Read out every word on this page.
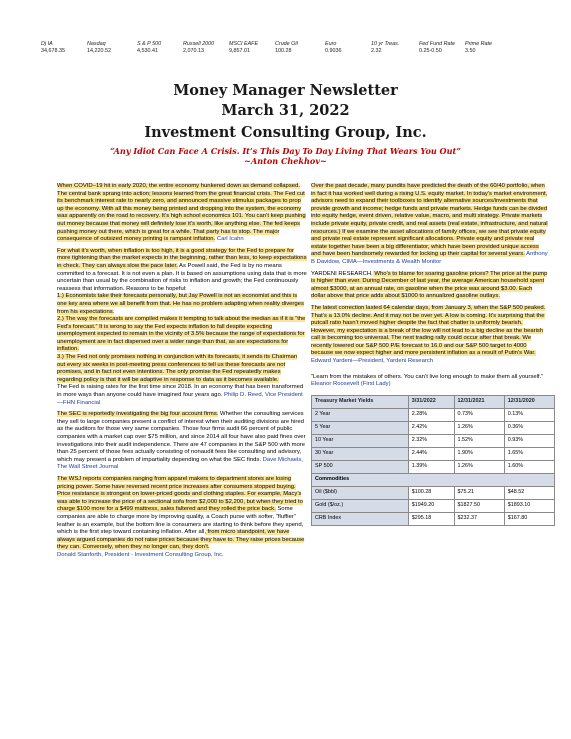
Dj IA
34,678.35
Nasdaq
14,220.52
S & P 500
4,530.41
Russell 2000
2,070.13
MSCI EAFE
9,857.01
Crude Oil
100.28
Euro
0.9036
10 yr Treas.
2.32
Fed Fund Rate
0.25-0.50
Prime Rate
3.50
Money Manager Newsletter
March 31, 2022
Investment Consulting Group, Inc.
“Any Idiot Can Face A Crisis. It’s This Day To Day Living That Wears You Out”
~Anton Chekhov~

When COVID–19 hit in early 2020, the entire economy hunkered down as demand collapsed. The central bank sprang into action; lessons learned from the great financial crisis. The Fed cut its benchmark interest rate to nearly zero, and announced massive stimulus packages to prop up the economy. With all this money being printed and dropping into the system, the economy was apparently on the road to recovery. It’s high school economics 101. You can’t keep pushing out money because that money will definitely lose it’s worth, like anything else. The fed keeps pushing money out there, which is great for a while. That party has to stop. The major consequence of outsized money printing is rampant inflation. Carl Icahn

For what it’s worth, when inflation is too high, it is a good strategy for the Fed to prepare for more tightening than the market expects in the beginning, rather than less, to keep expectations in check. They can always slow the pace later. As Powell said, the Fed is by no means committed to a forecast. It is not even a plan. It is based on assumptions using data that is more uncertain than usual by the combination of risks to inflation and growth; the Fed continuously reassess that information. Reasons to be hopeful:

1.) Economists take their forecasts personally, but Jay Powell is not an economist and this is one key area where we all benefit from that. He has no problem adapting when reality diverges from his expectations.

2.) The way the forecasts are compiled makes it tempting to talk about the median as if it is “the Fed’s forecast.” It is wrong to say the Fed expects inflation to fall despite expecting unemployment expected to remain in the vicinity of 3.5% because the range of expectations for unemployment are in fact dispersed over a wider range than that, as are expectations for inflation.

3.) The Fed not only promises nothing in conjunction with its forecasts, it sends its Chairman out every six weeks in post-meeting press conferences to tell us these forecasts are not promises, and in fact not even intentions. The only promise the Fed repeatedly makes regarding policy is that it will be adaptive in response to data as it becomes available.

The Fed is raising rates for the first time since 2018. In an economy that has been transformed in more ways than anyone could have imagined four years ago. Philip D. Reed, Vice President—FHN Financial

The SEC is reportedly investigating the big four account firms. Whether the consulting services they sell to large companies present a conflict of interest when their auditing divisions are hired as the auditors for those very same companies. Those four firms audit 66 percent of public companies with a market cap over $75 million, and since 2014 all four have also paid fines over investigations into their audit independence. There are 47 companies in the S&P 500 with more than 25 percent of those fees actually consisting of nonaudit fees like consulting and advisory, which may present a problem of impartiality depending on what the SEC finds. Dave Michaels, The Wall Street Journal

The WSJ reports companies ranging from apparel makers to department stores are losing pricing power. Some have reversed recent price increases after consumers stopped buying. Price resistance is strongest on lower-priced goods and clothing staples. For example, Macy’s was able to increase the price of a sectional sofa from $2,000 to $2,200, but when they tried to charge $100 more for a $499 mattress, sales faltered and they rolled the price back. Some companies are able to charge more by improving quality, a Coach purse with softer, “fluffier” leather is an example, but the bottom line is consumers are starting to think before they spend, which is the first step toward containing inflation. After all, from micro standpoint, we have always argued companies do not raise prices because they have to. They raise prices because they can. Conversely, when they no longer can, they don’t.
Donald Stanforth, President - Investment Consulting Group, Inc.

Over the past decade, many pundits have predicted the death of the 60/40 portfolio, when in fact it has worked well during a rising U.S. equity market. In today’s market environment, advisors need to expand their toolboxes to identify alternative sources/investments that provide growth and income; hedge funds and private markets. Hedge funds can be divided into equity hedge, event driven, relative value, macro, and multi strategy. Private markets include private equity, private credit, and real assets (real estate, infrastructure, and natural resources.) If we examine the asset allocations of family offices, we see that private equity and private real estate represent significant allocations. Private equity and private real estate together have been a big differentiator, which have been provided unique access and have been handsomely rewarded for locking up their capital for several years. Anthony B Davidow, CIMA—Investments & Wealth Monitor

YARDENI RESEARCH. Who’s to blame for soaring gasoline prices? The price at the pump is higher than ever. During December of last year, the average American household spent almost $3000, at an annual rate, on gasoline when the price was around $3.00. Each dollar above that price adds about $1000 to annualized gasoline outlays.

The latest correction lasted 64 calendar days, from January 3, when the S&P 500 peaked. That’s a 13.0% decline. And it may not be over yet. A low is coming. It’s surprising that the putcall ratio hasn’t moved higher despite the fact that chatter is uniformly bearish. However, my expectation is a break of the low will not lead to a big decline as the bearish call is becoming too universal. The next trading rally could occur after that break. We recently lowered our S&P 500 P/E forecast to 16.0 and our S&P 500 target to 4000 because we now expect higher and more persistent inflation as a result of Putin’s War.
Edward Yardeni—President, Yardeni Research

“Learn from the mistakes of others. You can’t live long enough to make them all yourself.” Eleanor Roosevelt (First Lady)

Treasury Market Yields	3/31/2022	12/31/2021	12/31/2020
2 Year	2.28%	0.73%	0.13%
5 Year	2.42%	1.26%	0.36%
10 Year	2.32%	1.52%	0.93%
30 Year	2.44%	1.90%	1.65%
SP 500	1.39%	1.26%	1.60%
Commodities			
Oil ($bbl)	$100.28	$75.21	$48.52
Gold ($/oz.)	$1949.20	$1827.50	$1893.10
CRB Index	$295.18	$232.37	$167.80
